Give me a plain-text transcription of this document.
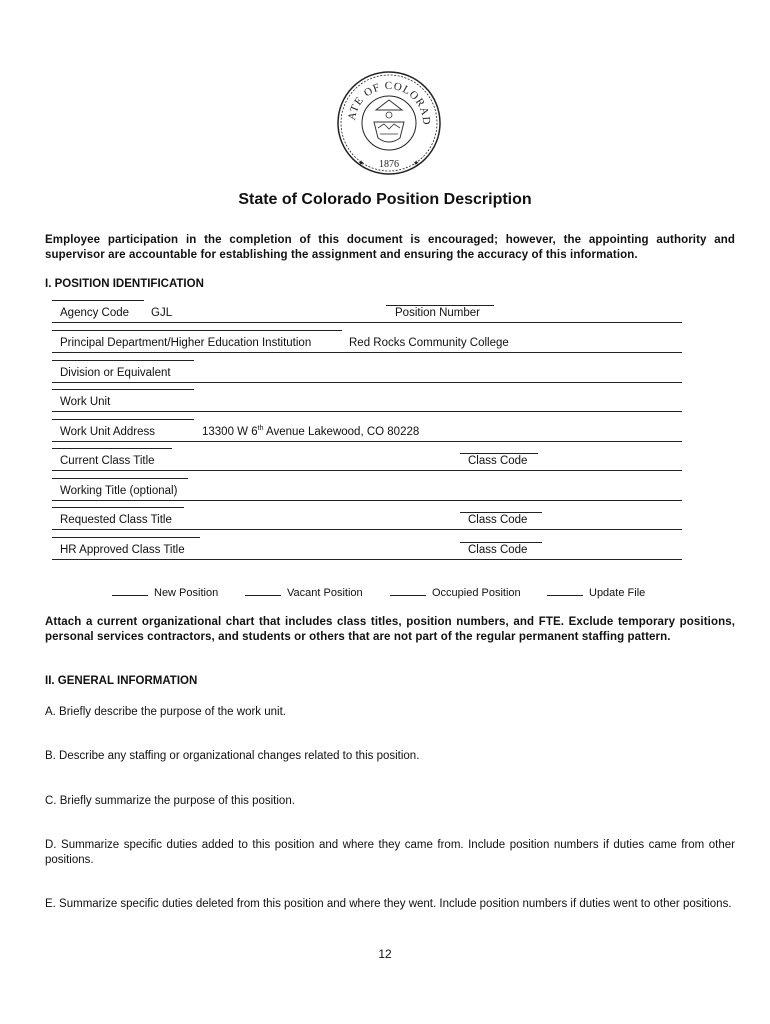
ATE OF COLORAD
★	★
1876
State of Colorado Position Description
Employee participation in the completion of this document is encouraged; however, the appointing authority and supervisor are accountable for establishing the assignment and ensuring the accuracy of this information.
I. POSITION IDENTIFICATION
Agency Code GJL	Position Number
Principal Department/Higher Education Institution	Red Rocks Community College
Division or Equivalent
Work Unit
Work Unit Address	13300 W 6th Avenue Lakewood, CO 80228
Current Class Title	Class Code
Working Title (optional)
Requested Class Title	Class Code
HR Approved Class Title	Class Code
New Position	Vacant Position	Occupied Position	Update File
Attach a current organizational chart that includes class titles, position numbers, and FTE. Exclude temporary positions, personal services contractors, and students or others that are not part of the regular permanent staffing pattern.
II. GENERAL INFORMATION
A. Briefly describe the purpose of the work unit.
B. Describe any staffing or organizational changes related to this position.
C. Briefly summarize the purpose of this position.
D. Summarize specific duties added to this position and where they came from. Include position numbers if duties came from other positions.
E. Summarize specific duties deleted from this position and where they went. Include position numbers if duties went to other positions.
12
